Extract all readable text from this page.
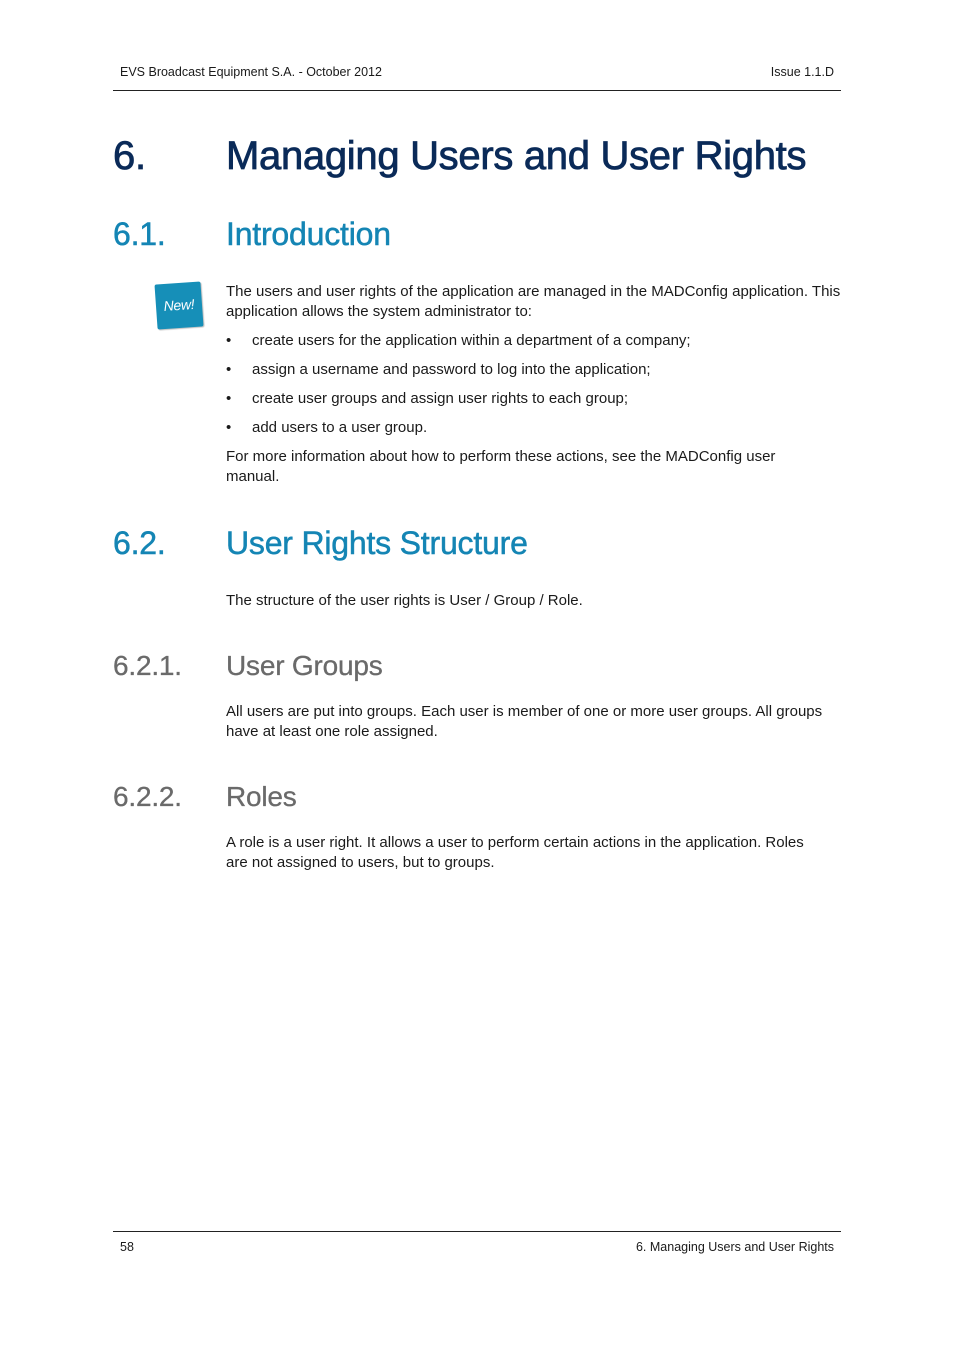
EVS Broadcast Equipment S.A. - October 2012	Issue 1.1.D
6. Managing Users and User Rights
6.1. Introduction
New!

The users and user rights of the application are managed in the MADConfig application. This application allows the system administrator to:

• create users for the application within a department of a company;
• assign a username and password to log into the application;
• create user groups and assign user rights to each group;
• add users to a user group.

For more information about how to perform these actions, see the MADConfig user manual.

6.2. User Rights Structure

The structure of the user rights is User / Group / Role.

6.2.1. User Groups

All users are put into groups. Each user is member of one or more user groups. All groups have at least one role assigned.

6.2.2. Roles

A role is a user right. It allows a user to perform certain actions in the application. Roles are not assigned to users, but to groups.

58	6. Managing Users and User Rights
